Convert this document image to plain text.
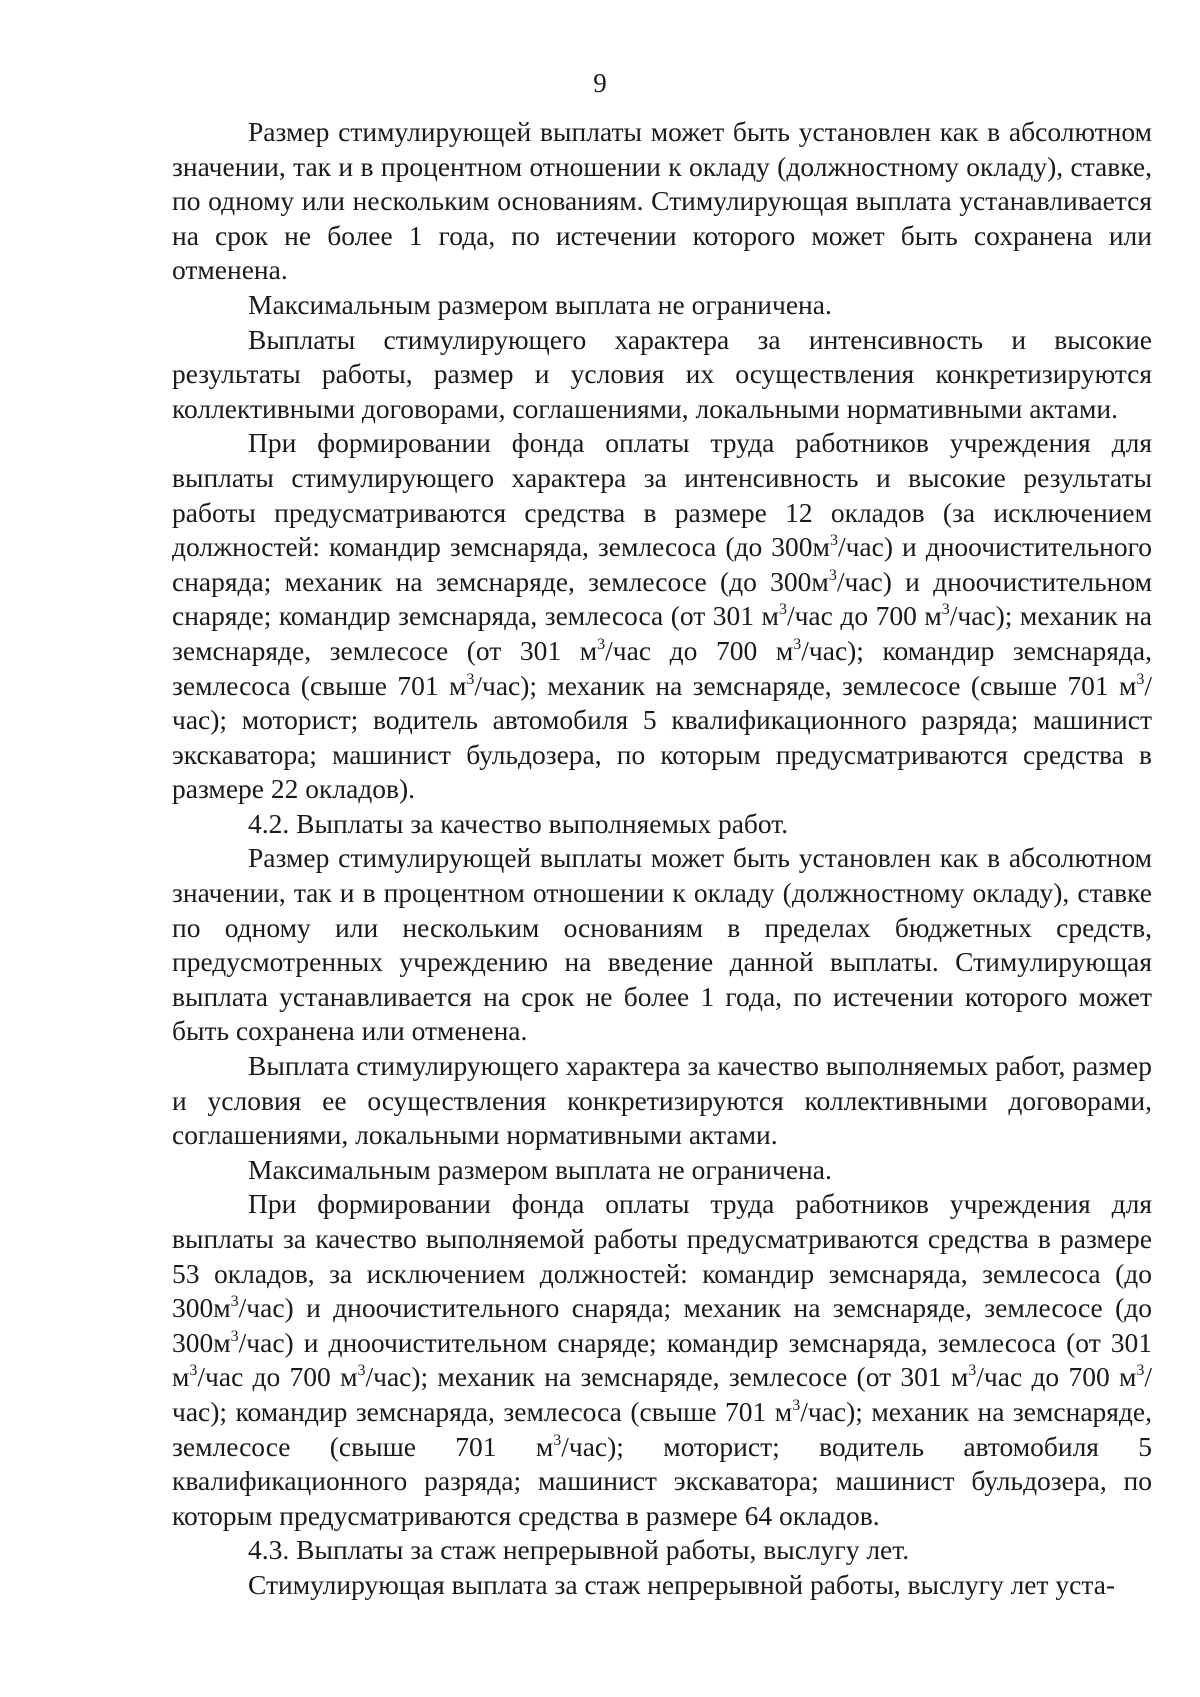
9

Размер стимулирующей выплаты может быть установлен как в абсолютном значении, так и в процентном отношении к окладу (должностному окладу), ставке, по одному или нескольким основаниям. Стимулирующая выплата устанавливается на срок не более 1 года, по истечении которого может быть сохранена или отменена.

Максимальным размером выплата не ограничена.

Выплаты стимулирующего характера за интенсивность и высокие результаты работы, размер и условия их осуществления конкретизируются коллективными договорами, соглашениями, локальными нормативными актами.

При формировании фонда оплаты труда работников учреждения для выплаты стимулирующего характера за интенсивность и высокие результаты работы предусматриваются средства в размере 12 окладов (за исключением должностей: командир земснаряда, землесоса (до $300м^3/час$) и дноочистительного снаряда; механик на земснаряде, землесосе (до $300м^3/час$) и дноочистительном снаряде; командир земснаряда, землесоса (от 301 $м^3$/час до 700 $м^3/час$); механик на земснаряде, землесосе (от 301 $м^3$/час до 700 $м^3/час$); командир земснаряда, землесоса (свыше 701 $м^3/час$); механик на земснаряде, землесосе (свыше 701 $м^3/час$); моторист; водитель автомобиля 5 квалификационного разряда; машинист экскаватора; машинист бульдозера, по которым предусматриваются средства в размере 22 окладов).

4.2. Выплаты за качество выполняемых работ.

Размер стимулирующей выплаты может быть установлен как в абсолютном значении, так и в процентном отношении к окладу (должностному окладу), ставке по одному или нескольким основаниям в пределах бюджетных средств, предусмотренных учреждению на введение данной выплаты. Стимулирующая выплата устанавливается на срок не более 1 года, по истечении которого может быть сохранена или отменена.

Выплата стимулирующего характера за качество выполняемых работ, размер и условия ее осуществления конкретизируются коллективными договорами, соглашениями, локальными нормативными актами.

Максимальным размером выплата не ограничена.

При формировании фонда оплаты труда работников учреждения для выплаты за качество выполняемой работы предусматриваются средства в размере 53 окладов, за исключением должностей: командир земснаряда, землесоса (до $300м^3/час$) и дноочистительного снаряда; механик на земснаряде, землесосе (до $300м^3/час$) и дноочистительном снаряде; командир земснаряда, землесоса (от 301 $м^3$/час до 700 $м^3/час$); механик на земснаряде, землесосе (от 301 $м^3$/час до 700 $м^3/час$); командир земснаряда, землесоса (свыше 701 $м^3/час$); механик на земснаряде, землесосе (свыше 701 $м^3/час$); моторист; водитель автомобиля 5 квалификационного разряда; машинист экскаватора; машинист бульдозера, по которым предусматриваются средства в размере 64 окладов.

4.3. Выплаты за стаж непрерывной работы, выслугу лет.

Стимулирующая выплата за стаж непрерывной работы, выслугу лет уста-
